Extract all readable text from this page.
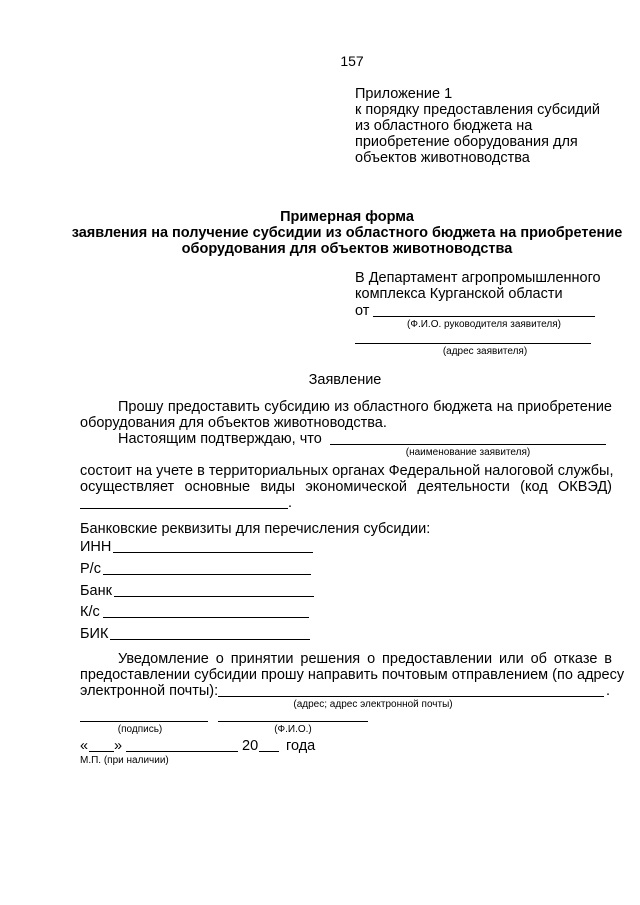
157
Приложение 1
к порядку предоставления субсидий
из областного бюджета на
приобретение оборудования для
объектов животноводства
Примерная форма
заявления на получение субсидии из областного бюджета на приобретение
оборудования для объектов животноводства
В Департамент агропромышленного
комплекса Курганской области
от
(Ф.И.О. руководителя заявителя)
(адрес заявителя)
Заявление
Прошу предоставить субсидию из областного бюджета на приобретение
оборудования для объектов животноводства.
Настоящим подтверждаю, что
(наименование заявителя)
состоит на учете в территориальных органах Федеральной налоговой службы,
осуществляет основные виды экономической деятельности (код ОКВЭД)
.
Банковские реквизиты для перечисления субсидии:
ИНН
Р/с
Банк
К/с
БИК
Уведомление о принятии решения о предоставлении или об отказе в
предоставлении субсидии прошу направить почтовым отправлением (по адресу
электронной почты):	.
(адрес; адрес электронной почты)
(подпись)	(Ф.И.О.)
« »	20 года
М.П. (при наличии)
